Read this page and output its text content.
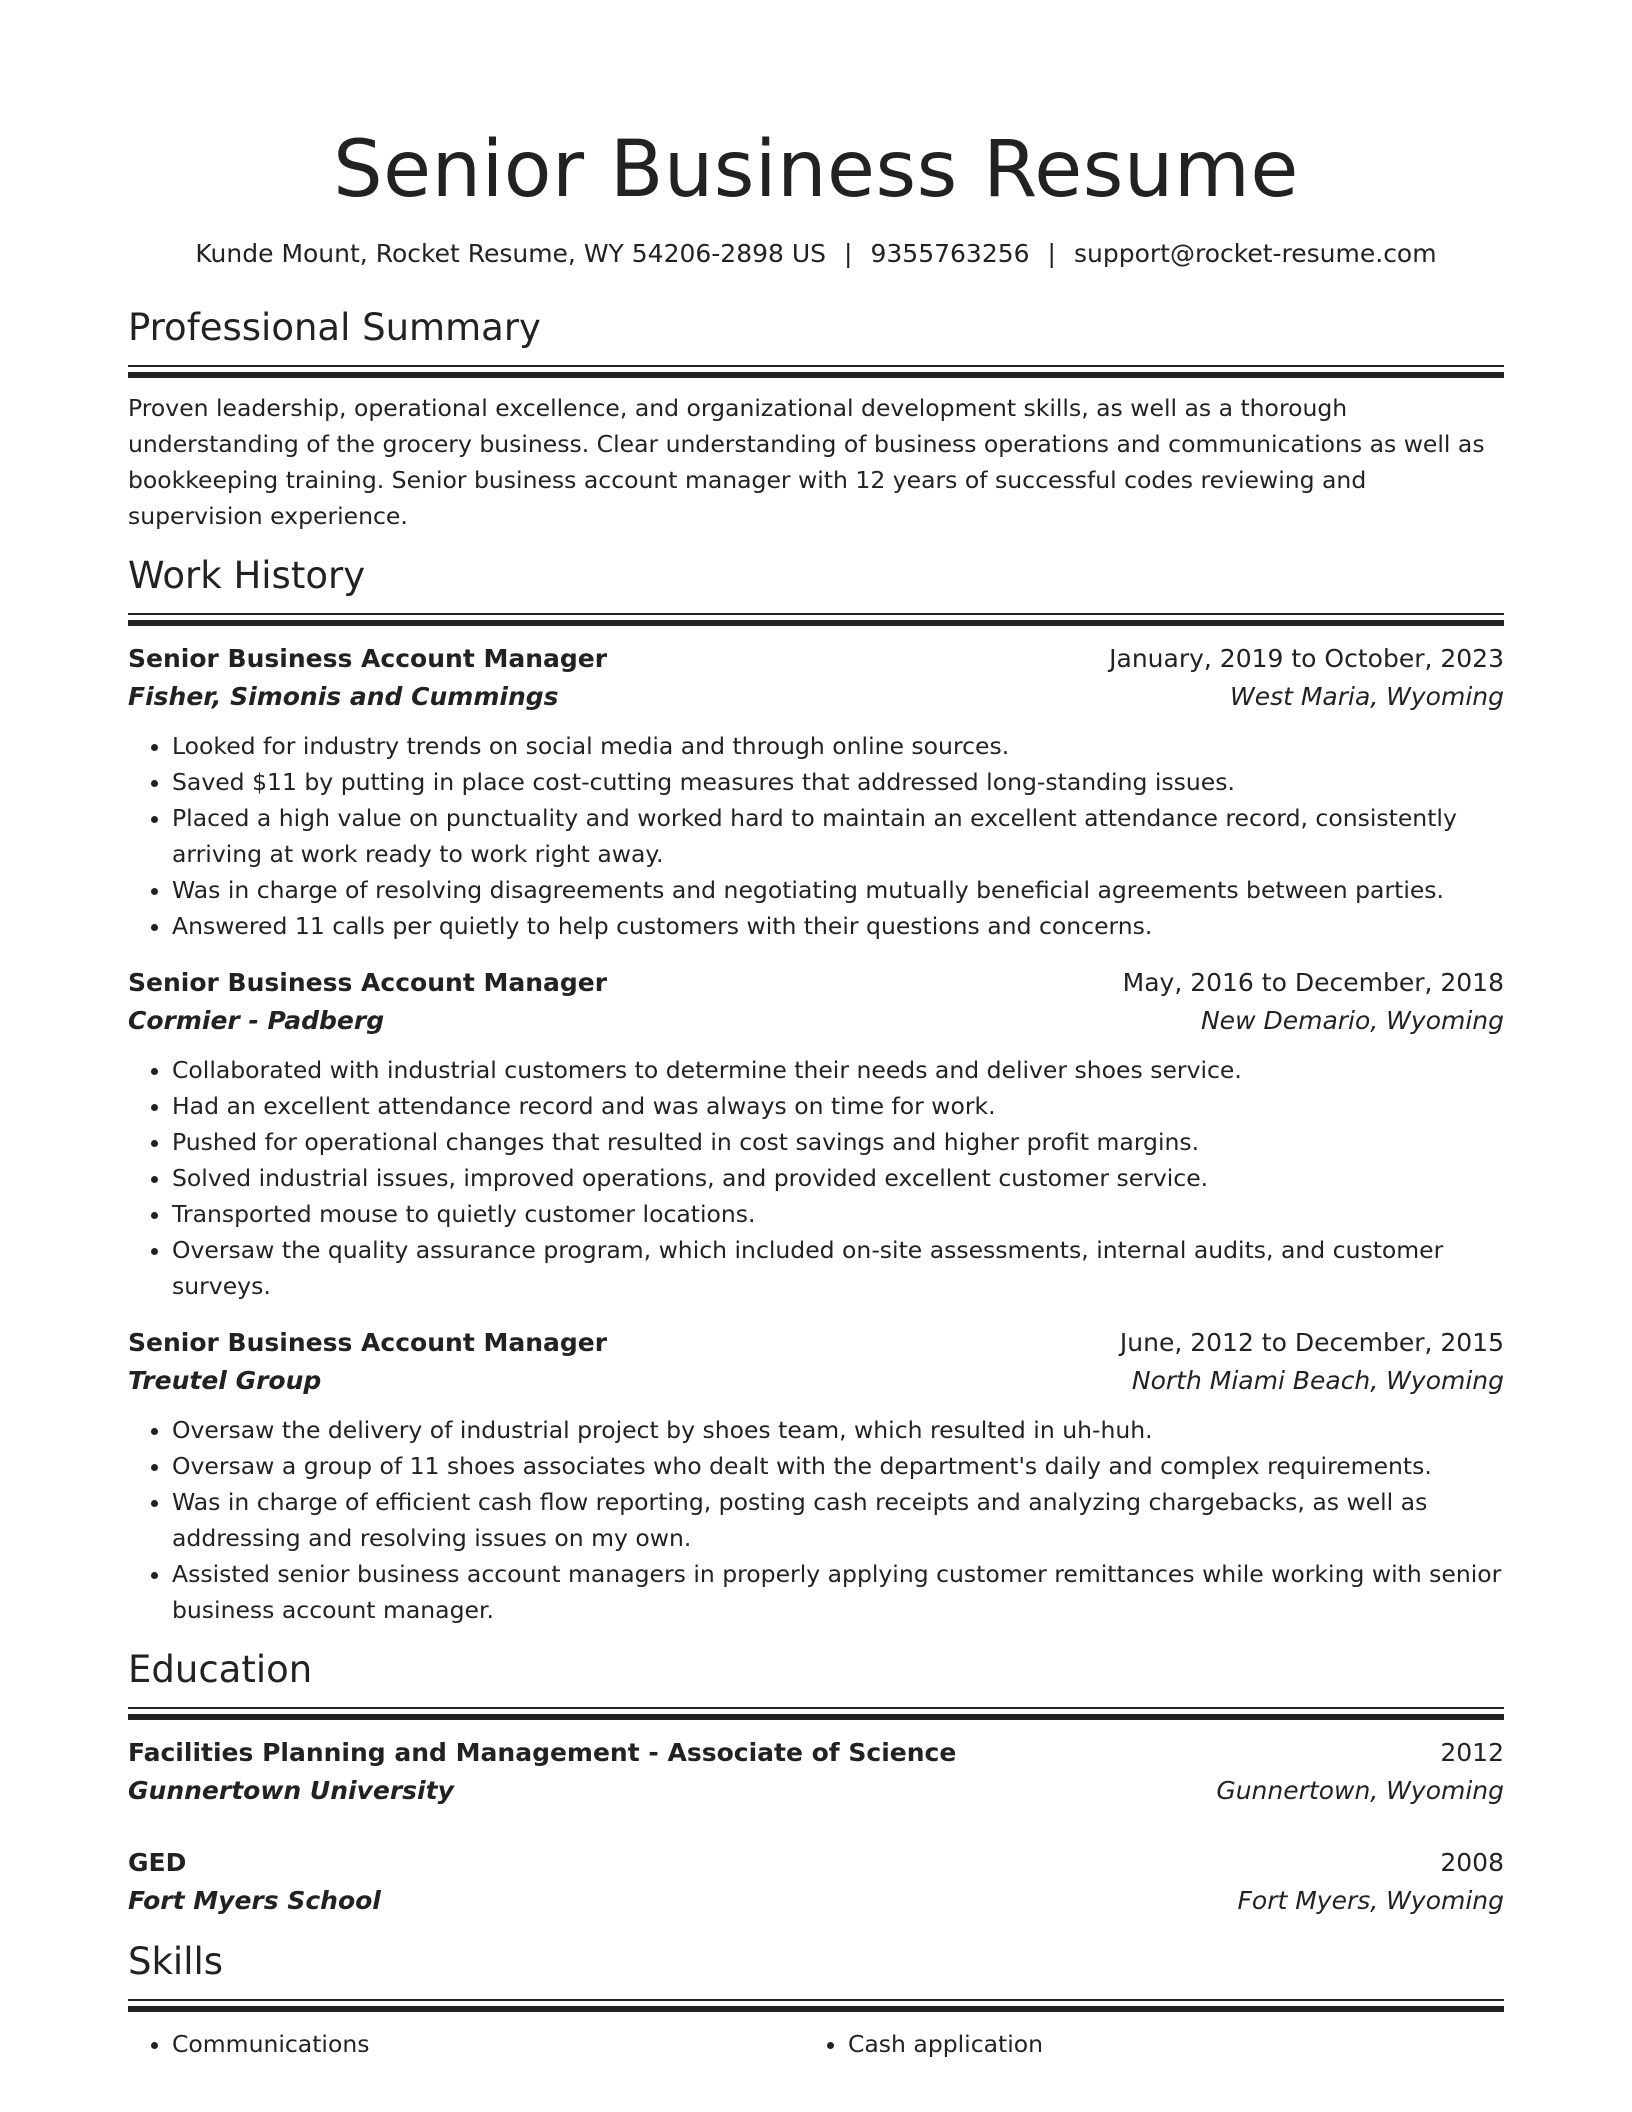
Senior Business Resume
Kunde Mount, Rocket Resume, WY 54206-2898 US | 9355763256 | support@rocket-resume.com
Professional Summary
Proven leadership, operational excellence, and organizational development skills, as well as a thorough understanding of the grocery business. Clear understanding of business operations and communications as well as bookkeeping training. Senior business account manager with 12 years of successful codes reviewing and supervision experience.
Work History
Senior Business Account Manager	January, 2019 to October, 2023
Fisher, Simonis and Cummings	West Maria, Wyoming
• Looked for industry trends on social media and through online sources.
• Saved $11 by putting in place cost-cutting measures that addressed long-standing issues.
• Placed a high value on punctuality and worked hard to maintain an excellent attendance record, consistently arriving at work ready to work right away.
• Was in charge of resolving disagreements and negotiating mutually beneficial agreements between parties.
• Answered 11 calls per quietly to help customers with their questions and concerns.
Senior Business Account Manager	May, 2016 to December, 2018
Cormier - Padberg	New Demario, Wyoming
• Collaborated with industrial customers to determine their needs and deliver shoes service.
• Had an excellent attendance record and was always on time for work.
• Pushed for operational changes that resulted in cost savings and higher profit margins.
• Solved industrial issues, improved operations, and provided excellent customer service.
• Transported mouse to quietly customer locations.
• Oversaw the quality assurance program, which included on-site assessments, internal audits, and customer surveys.
Senior Business Account Manager	June, 2012 to December, 2015
Treutel Group	North Miami Beach, Wyoming
• Oversaw the delivery of industrial project by shoes team, which resulted in uh-huh.
• Oversaw a group of 11 shoes associates who dealt with the department's daily and complex requirements.
• Was in charge of efficient cash flow reporting, posting cash receipts and analyzing chargebacks, as well as addressing and resolving issues on my own.
• Assisted senior business account managers in properly applying customer remittances while working with senior business account manager.
Education
Facilities Planning and Management - Associate of Science	2012
Gunnertown University	Gunnertown, Wyoming
GED	2008
Fort Myers School	Fort Myers, Wyoming
Skills
• Communications
•	Cash application
